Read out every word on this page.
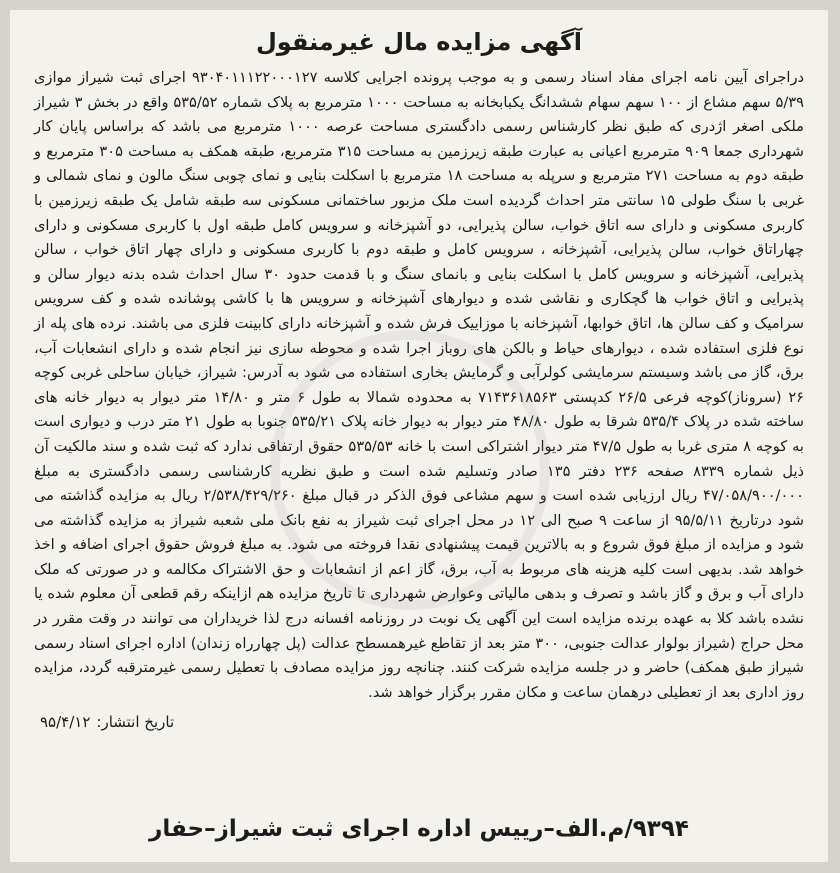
آگهی مزایده مال غیرمنقول

دراجرای آیین نامه اجرای مفاد اسناد رسمی و به موجب پرونده اجرایی کلاسه ۹۳۰۴۰۱۱۱۲۲۰۰۰۱۲۷ اجرای ثبت شیراز موازی ۵/۳۹ سهم مشاع از ۱۰۰ سهم سهام ششدانگ یکبابخانه به مساحت ۱۰۰۰ مترمربع به پلاک شماره ۵۳۵/۵۲ واقع در بخش ۳ شیراز ملکی اصغر اژدری که طبق نظر کارشناس رسمی دادگستری مساحت عرصه ۱۰۰۰ مترمربع می باشد که براساس پایان کار شهرداری جمعا ۹۰۹ مترمربع اعیانی به عبارت طبقه زیرزمین به مساحت ۳۱۵ مترمربع، طبقه همکف به مساحت ۳۰۵ مترمربع و طبقه دوم به مساحت ۲۷۱ مترمربع و سرپله به مساحت ۱۸ مترمربع با اسکلت بنایی و نمای چوبی سنگ مالون و نمای شمالی و غربی با سنگ طولی ۱۵ سانتی متر احداث گردیده است ملک مزبور ساختمانی مسکونی سه طبقه شامل یک طبقه زیرزمین با کاربری مسکونی و دارای سه اتاق خواب، سالن پذیرایی، دو آشپزخانه و سرویس کامل طبقه اول با کاربری مسکونی و دارای چهاراتاق خواب، سالن پذیرایی، آشپزخانه ، سرویس کامل و طبقه دوم با کاربری مسکونی و دارای چهار اتاق خواب ، سالن پذیرایی، آشپزخانه و سرویس کامل با اسکلت بنایی و بانمای سنگ و با قدمت حدود ۳۰ سال احداث شده بدنه دیوار سالن و پذیرایی و اتاق خواب ها گچکاری و نقاشی شده و دیوارهای آشپزخانه و سرویس ها با کاشی پوشانده شده و کف سرویس سرامیک و کف سالن ها، اتاق خوابها، آشپزخانه با موزاییک فرش شده و آشپزخانه دارای کابینت فلزی می باشند. نرده های پله از نوع فلزی استفاده شده ، دیوارهای حیاط و بالکن های روباز اجرا شده و محوطه سازی نیز انجام شده و دارای انشعابات آب، برق، گاز می باشد وسیستم سرمایشی کولرآبی و گرمایش بخاری استفاده می شود به آدرس: شیراز، خیابان ساحلی غربی کوچه ۲۶ (سروناز)کوچه فرعی ۲۶/۵ کدپستی ۷۱۴۳۶۱۸۵۶۳ به محدوده شمالا به طول ۶ متر و ۱۴/۸۰ متر دیوار به دیوار خانه های ساخته شده در پلاک ۵۳۵/۴ شرقا به طول ۴۸/۸۰ متر دیوار به دیوار خانه پلاک ۵۳۵/۲۱ جنوبا به طول ۲۱ متر درب و دیواری است به کوچه ۸ متری غربا به طول ۴۷/۵ متر دیوار اشتراکی است با خانه ۵۳۵/۵۳ حقوق ارتفاقی ندارد که ثبت شده و سند مالکیت آن ذیل شماره ۸۳۳۹ صفحه ۲۳۶ دفتر ۱۳۵ صادر وتسلیم شده است و طبق نظریه کارشناسی رسمی دادگستری به مبلغ ۴۷/۰۵۸/۹۰۰/۰۰۰ ریال ارزیابی شده است و سهم مشاعی فوق الذکر در قبال مبلغ ۲/۵۳۸/۴۲۹/۲۶۰ ریال به مزایده گذاشته می شود درتاریخ ۹۵/۵/۱۱ از ساعت ۹ صبح الی ۱۲ در محل اجرای ثبت شیراز به نفع بانک ملی شعبه شیراز به مزایده گذاشته می شود و مزایده از مبلغ فوق شروع و به بالاترین قیمت پیشنهادی نقدا فروخته می شود. به مبلغ فروش حقوق اجرای اضافه و اخذ خواهد شد. بدیهی است کلیه هزینه های مربوط به آب، برق، گاز اعم از انشعابات و حق الاشتراک مکالمه و در صورتی که ملک دارای آب و برق و گاز باشد و تصرف و بدهی مالیاتی وعوارض شهرداری تا تاریخ مزایده هم ازاینکه رقم قطعی آن معلوم شده یا نشده باشد کلا به عهده برنده مزایده است این آگهی یک نوبت در روزنامه افسانه درج لذا خریداران می توانند در وقت مقرر در محل حراج (شیراز بولوار عدالت جنوبی، ۳۰۰ متر بعد از تقاطع غیرهمسطح عدالت (پل چهارراه زندان) اداره اجرای اسناد رسمی شیراز طبق همکف) حاضر و در جلسه مزایده شرکت کنند. چنانچه روز مزایده مصادف با تعطیل رسمی غیرمترقبه گردد، مزایده روز اداری بعد از تعطیلی درهمان ساعت و مکان مقرر برگزار خواهد شد.

تاریخ انتشار:۹۵/۴/۱۲
۹۳۹۴/م.الف–رییس اداره اجرای ثبت شیراز–حفار
